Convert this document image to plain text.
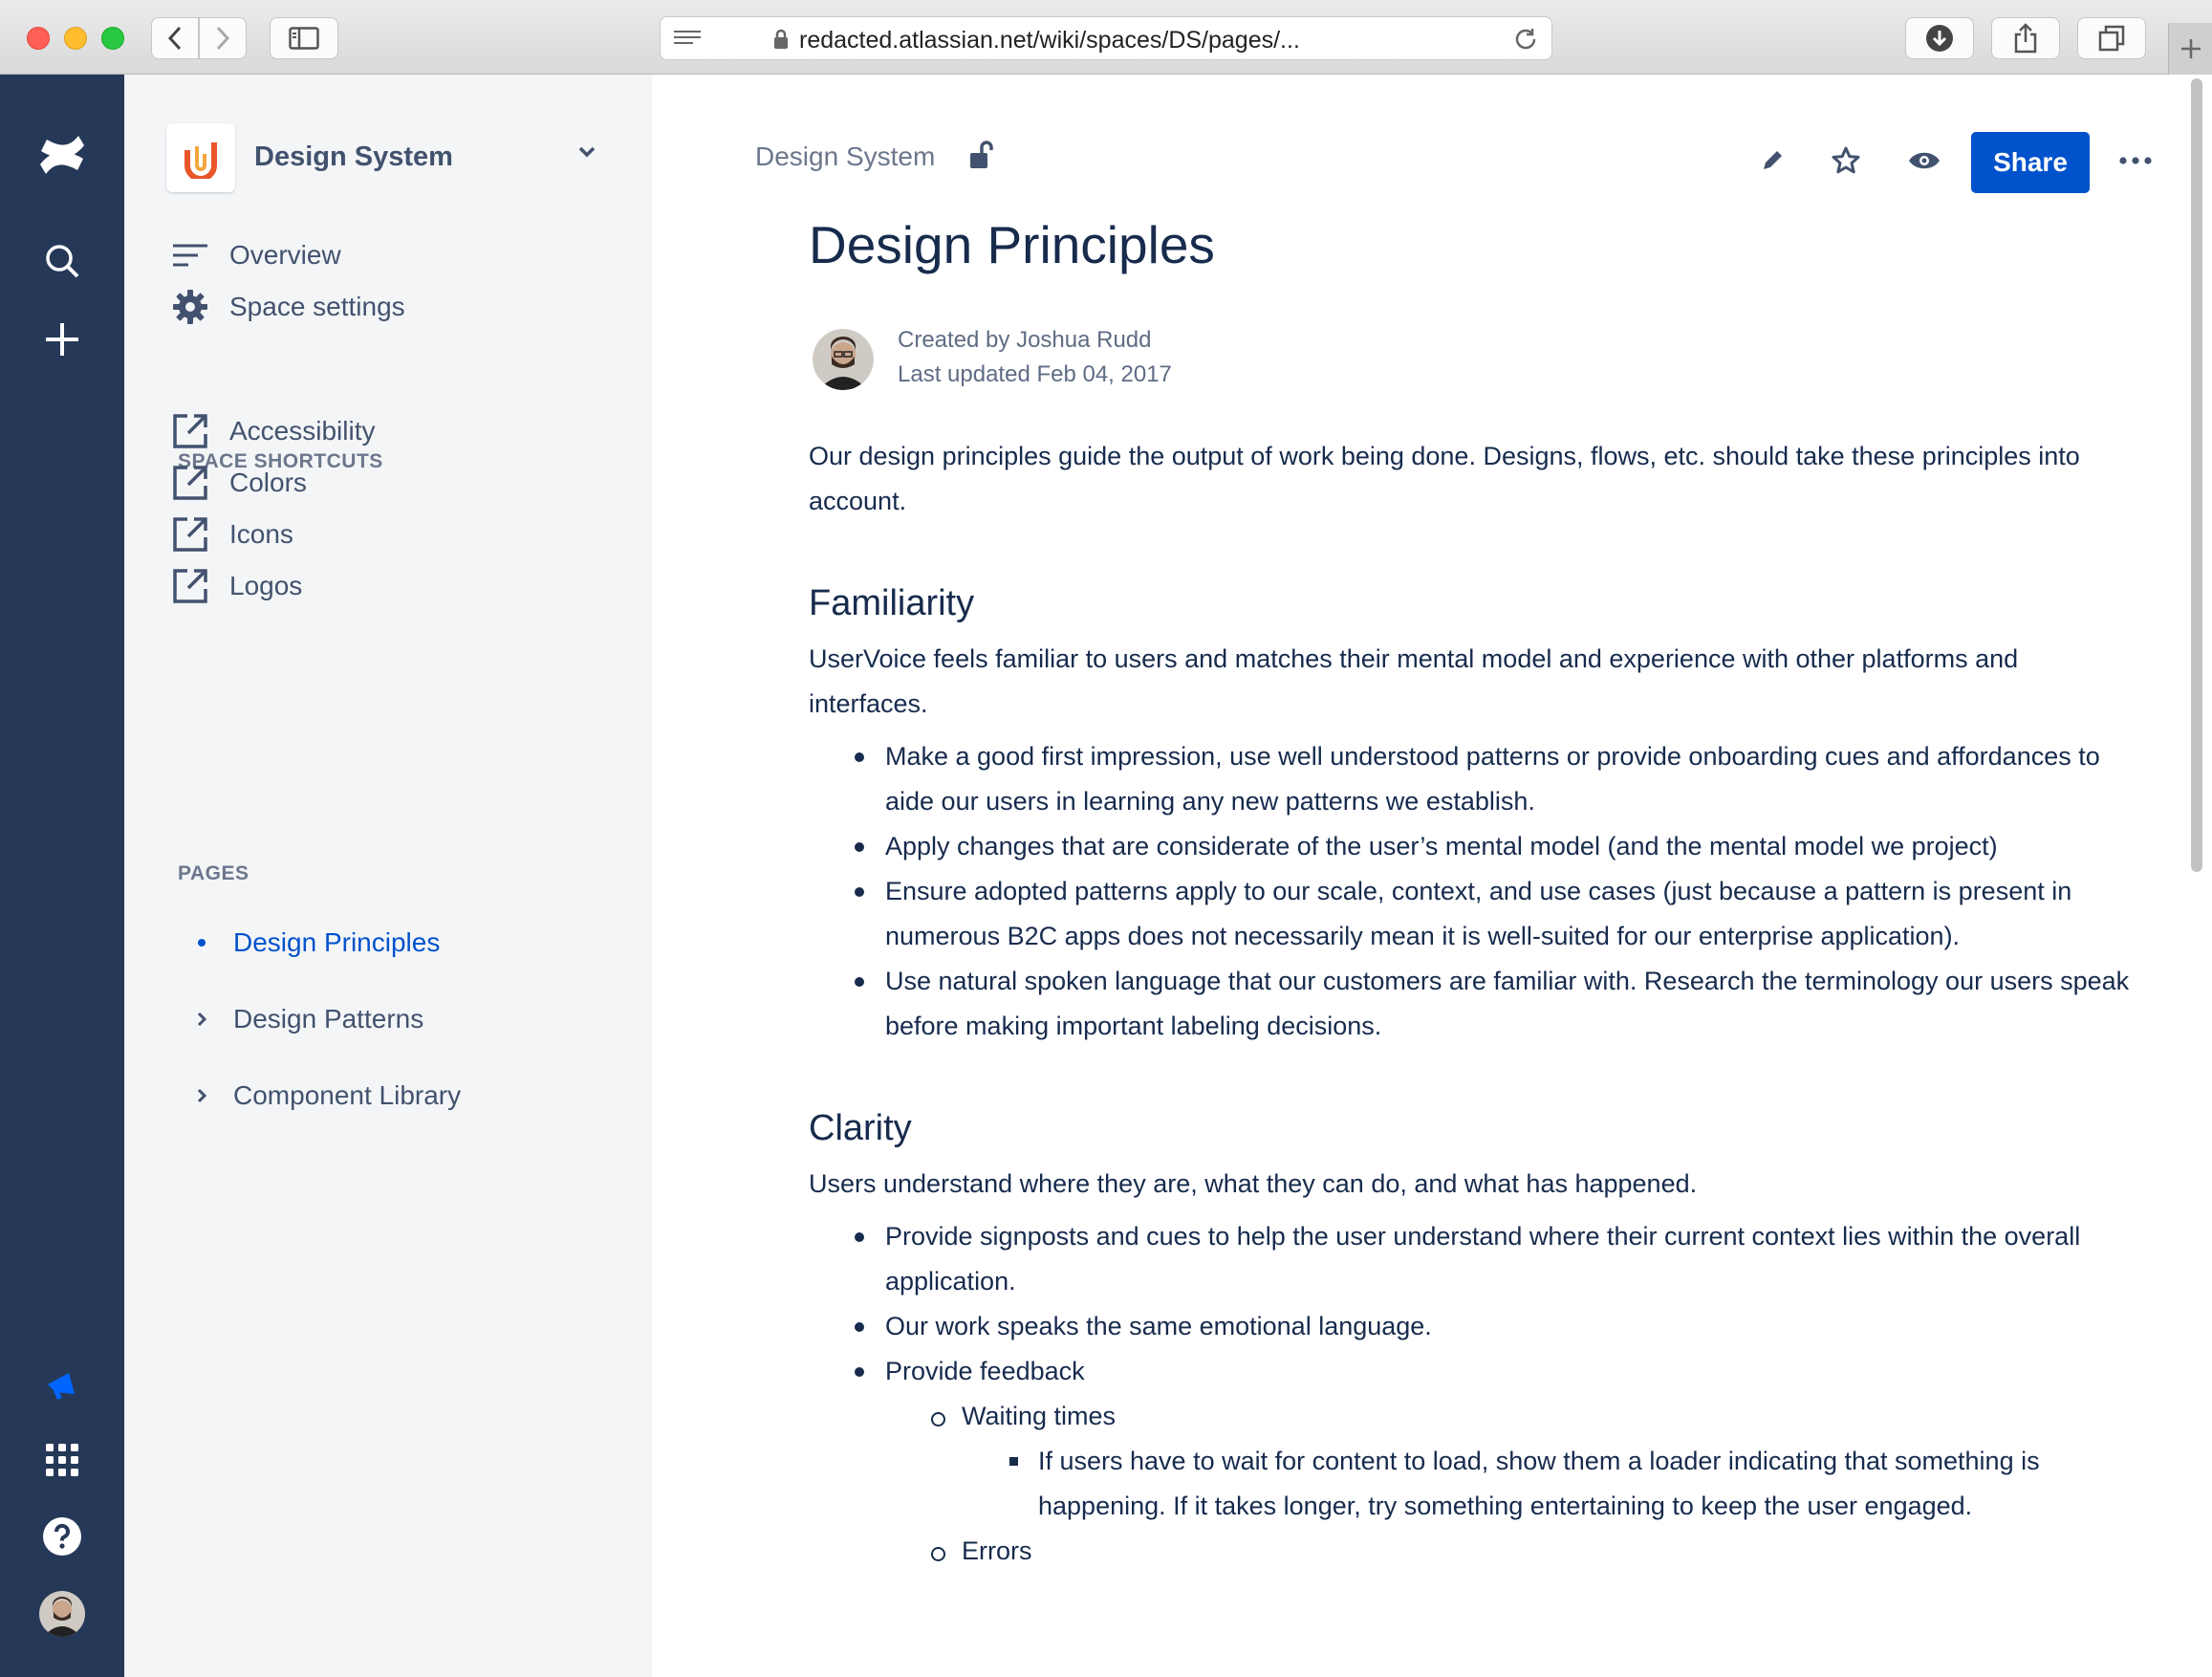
redacted.atlassian.net/wiki/spaces/DS/pages/...
Design System
Overview
Space settings
SPACE SHORTCUTS
Accessibility
Colors
Icons
Logos
PAGES
Design Principles
Design Patterns
Component Library
Design System	Share
Design Principles
Created by Joshua Rudd
Last updated Feb 04, 2017

Our design principles guide the output of work being done. Designs, flows, etc. should take these principles into account.

Familiarity

UserVoice feels familiar to users and matches their mental model and experience with other platforms and interfaces.

Make a good first impression, use well understood patterns or provide onboarding cues and affordances to aide our users in learning any new patterns we establish.
Apply changes that are considerate of the user’s mental model (and the mental model we project)
Ensure adopted patterns apply to our scale, context, and use cases (just because a pattern is present in numerous B2C apps does not necessarily mean it is well-suited for our enterprise application).
Use natural spoken language that our customers are familiar with. Research the terminology our users speak before making important labeling decisions.
Clarity

Users understand where they are, what they can do, and what has happened.

Provide signposts and cues to help the user understand where their current context lies within the overall application.
Our work speaks the same emotional language.
Provide feedback
Waiting times
If users have to wait for content to load, show them a loader indicating that something is happening. If it takes longer, try something entertaining to keep the user engaged.
Errors
